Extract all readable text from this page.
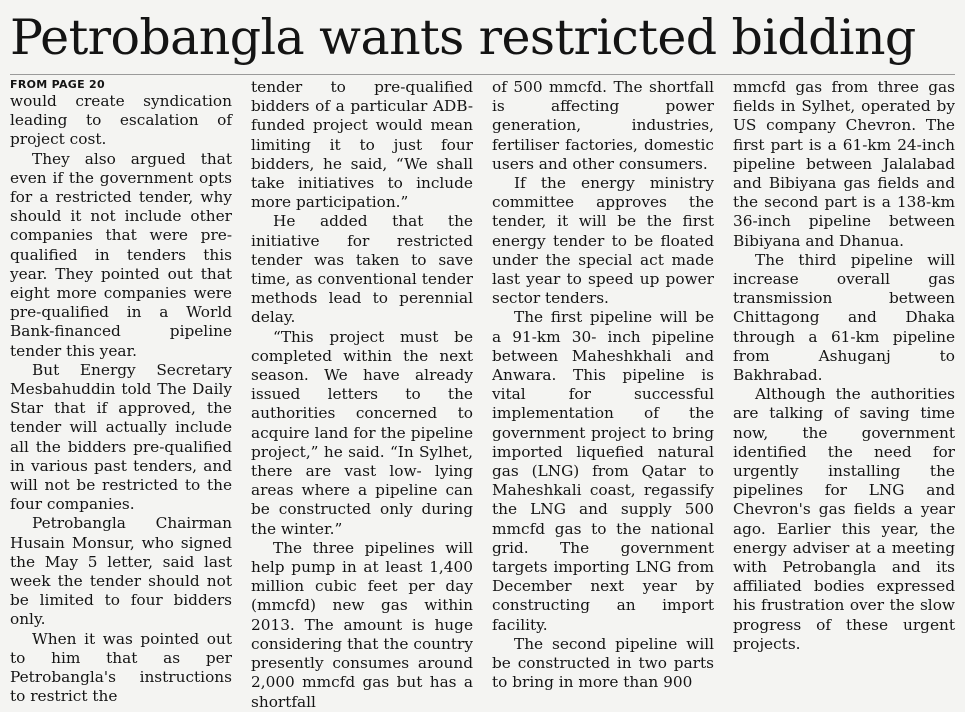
Petrobangla wants restricted bidding
FROM PAGE 20

would create syndication leading to escalation of project cost.

They also argued that even if the government opts for a restricted tender, why should it not include other companies that were pre-qualified in tenders this year. They pointed out that eight more companies were pre-qualified in a World Bank-financed pipeline tender this year.

But Energy Secretary Mesbahuddin told The Daily Star that if approved, the tender will actually include all the bidders pre-qualified in various past tenders, and will not be restricted to the four companies.

Petrobangla Chairman Husain Monsur, who signed the May 5 letter, said last week the tender should not be limited to four bidders only.

When it was pointed out to him that as per Petrobangla's instructions to restrict the

tender to pre-qualified bidders of a particular ADB-funded project would mean limiting it to just four bidders, he said, “We shall take initiatives to include more participation.”

He added that the initiative for restricted tender was taken to save time, as conventional tender methods lead to perennial delay.

“This project must be completed within the next season. We have already issued letters to the authorities concerned to acquire land for the pipeline project,” he said. “In Sylhet, there are vast low- lying areas where a pipeline can be constructed only during the winter.”

The three pipelines will help pump in at least 1,400 million cubic feet per day (mmcfd) new gas within 2013. The amount is huge considering that the country presently consumes around 2,000 mmcfd gas but has a shortfall

of 500 mmcfd. The shortfall is affecting power generation, industries, fertiliser factories, domestic users and other consumers.

If the energy ministry committee approves the tender, it will be the first energy tender to be floated under the special act made last year to speed up power sector tenders.

The first pipeline will be a 91-km 30- inch pipeline between Maheshkhali and Anwara. This pipeline is vital for successful implementation of the government project to bring imported liquefied natural gas (LNG) from Qatar to Maheshkali coast, regassify the LNG and supply 500 mmcfd gas to the national grid. The government targets importing LNG from December next year by constructing an import facility.

The second pipeline will be constructed in two parts to bring in more than 900

mmcfd gas from three gas fields in Sylhet, operated by US company Chevron. The first part is a 61-km 24-inch pipeline between Jalalabad and Bibiyana gas fields and the second part is a 138-km 36-inch pipeline between Bibiyana and Dhanua.

The third pipeline will increase overall gas transmission between Chittagong and Dhaka through a 61-km pipeline from Ashuganj to Bakhrabad.

Although the authorities are talking of saving time now, the government identified the need for urgently installing the pipelines for LNG and Chevron's gas fields a year ago. Earlier this year, the energy adviser at a meeting with Petrobangla and its affiliated bodies expressed his frustration over the slow progress of these urgent projects.
